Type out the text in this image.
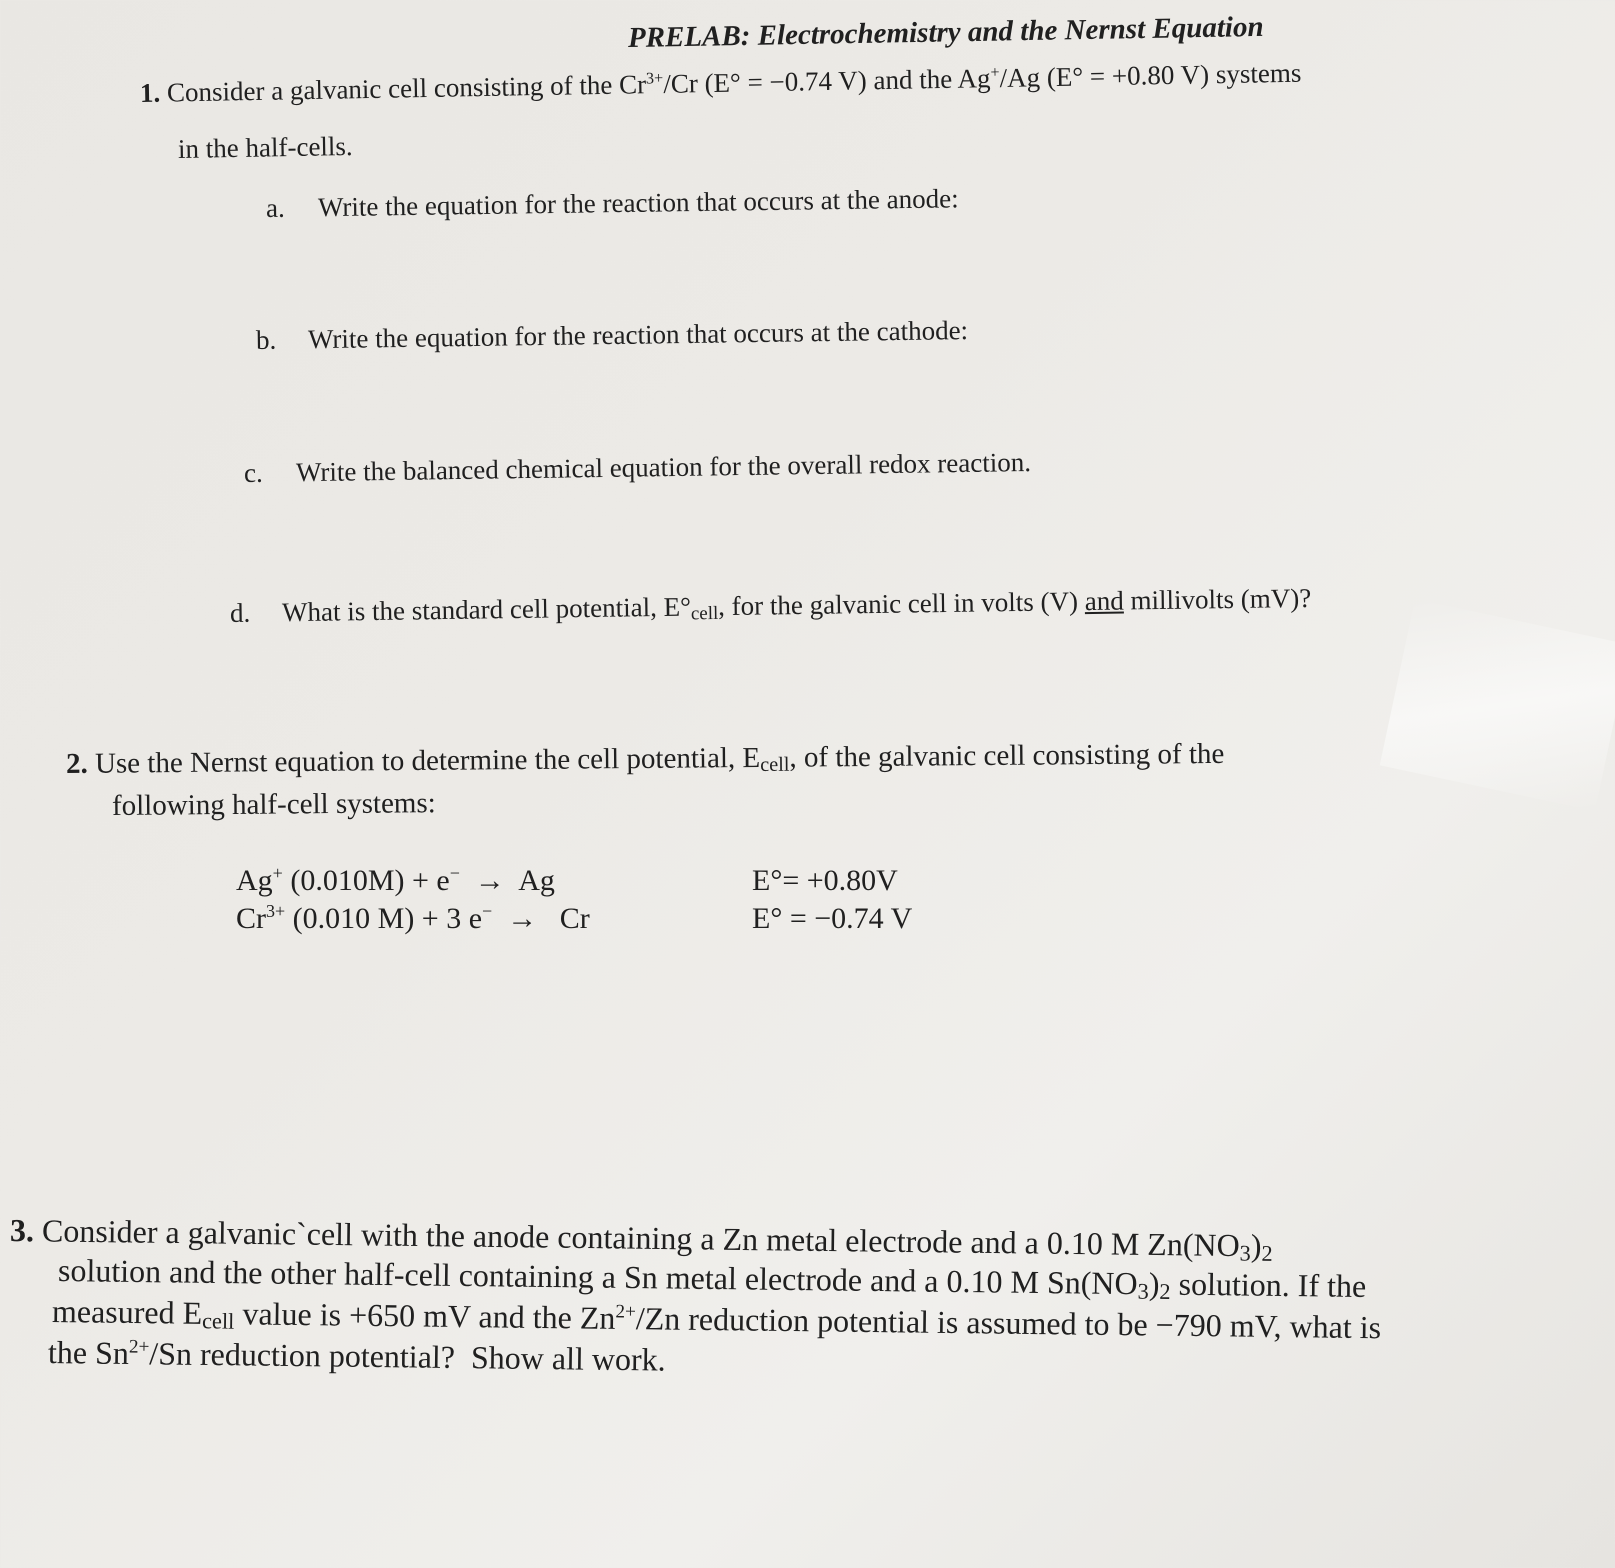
PRELAB: Electrochemistry and the Nernst Equation
1. Consider a galvanic cell consisting of the $Cr^{3+}/Cr$ (E° = −0.74 V) and the Ag+/Ag (E° = +0.80 V) systems
in the half-cells.
a. Write the equation for the reaction that occurs at the anode:
b. Write the equation for the reaction that occurs at the cathode:
c. Write the balanced chemical equation for the overall redox reaction.
d. What is the standard cell potential, $E^\circ_{cell}$, for the galvanic cell in volts (V) and millivolts (mV)?
2. Use the Nernst equation to determine the cell potential, $E_{cell}$, of the galvanic cell consisting of the
following half-cell systems:
Ag+ (0.010M) + e−  →  Ag	E°= +0.80V
$Cr^{3+}$ (0.010 M) + 3 e−  →   Cr	E° = −0.74 V
3. Consider a galvanic`cell with the anode containing a Zn metal electrode and a 0.10 M $Zn(NO_3)_2$
solution and the other half-cell containing a Sn metal electrode and a 0.10 M $Sn(NO_3)_2$ solution. If the
measured $E_{cell}$ value is +650 mV and the $Zn^{2+}/Zn$ reduction potential is assumed to be −790 mV, what is
the $Sn^{2+}/Sn$ reduction potential?  Show all work.
